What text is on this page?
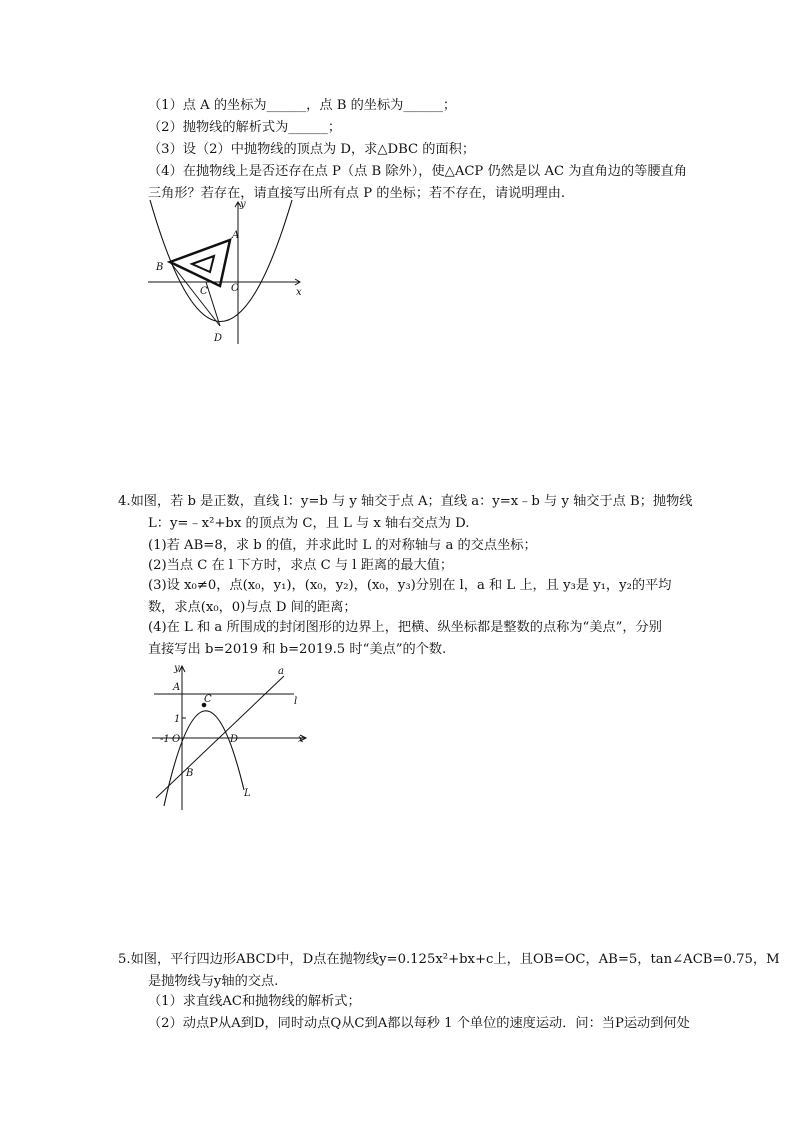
（1）点 A 的坐标为______，点 B 的坐标为______；
（2）抛物线的解析式为______；
（3）设（2）中抛物线的顶点为 D，求△DBC 的面积；
（4）在抛物线上是否还存在点 P（点 B 除外），使△ACP 仍然是以 AC 为直角边的等腰直角
三角形？若存在，请直接写出所有点 P 的坐标；若不存在，请说明理由.
y
x
A
B
C O
D
4.如图，若 b 是正数，直线 l：y=b 与 y 轴交于点 A；直线 a：y=x﹣b 与 y 轴交于点 B；抛物线
L：y=﹣x²+bx 的顶点为 C，且 L 与 x 轴右交点为 D.
(1)若 AB=8，求 b 的值，并求此时 L 的对称轴与 a 的交点坐标；
(2)当点 C 在 l 下方时，求点 C 与 l 距离的最大值；
(3)设 x₀≠0，点(x₀，y₁)，(x₀，y₂)，(x₀，y₃)分别在 l，a 和 L 上，且 y₃是 y₁，y₂的平均
数，求点(x₀，0)与点 D 间的距离；
(4)在 L 和 a 所围成的封闭图形的边界上，把横、纵坐标都是整数的点称为“美点”，分别
直接写出 b=2019 和 b=2019.5 时“美点”的个数.
y	a
A
C	l
1
-1 O	D	x
B
L
5.如图，平行四边形ABCD中，D点在抛物线y=0.125x²+bx+c上，且OB=OC，AB=5，tan∠ACB=0.75，M
是抛物线与y轴的交点.
（1）求直线AC和抛物线的解析式；
（2）动点P从A到D，同时动点Q从C到A都以每秒 1 个单位的速度运动．问：当P运动到何处
